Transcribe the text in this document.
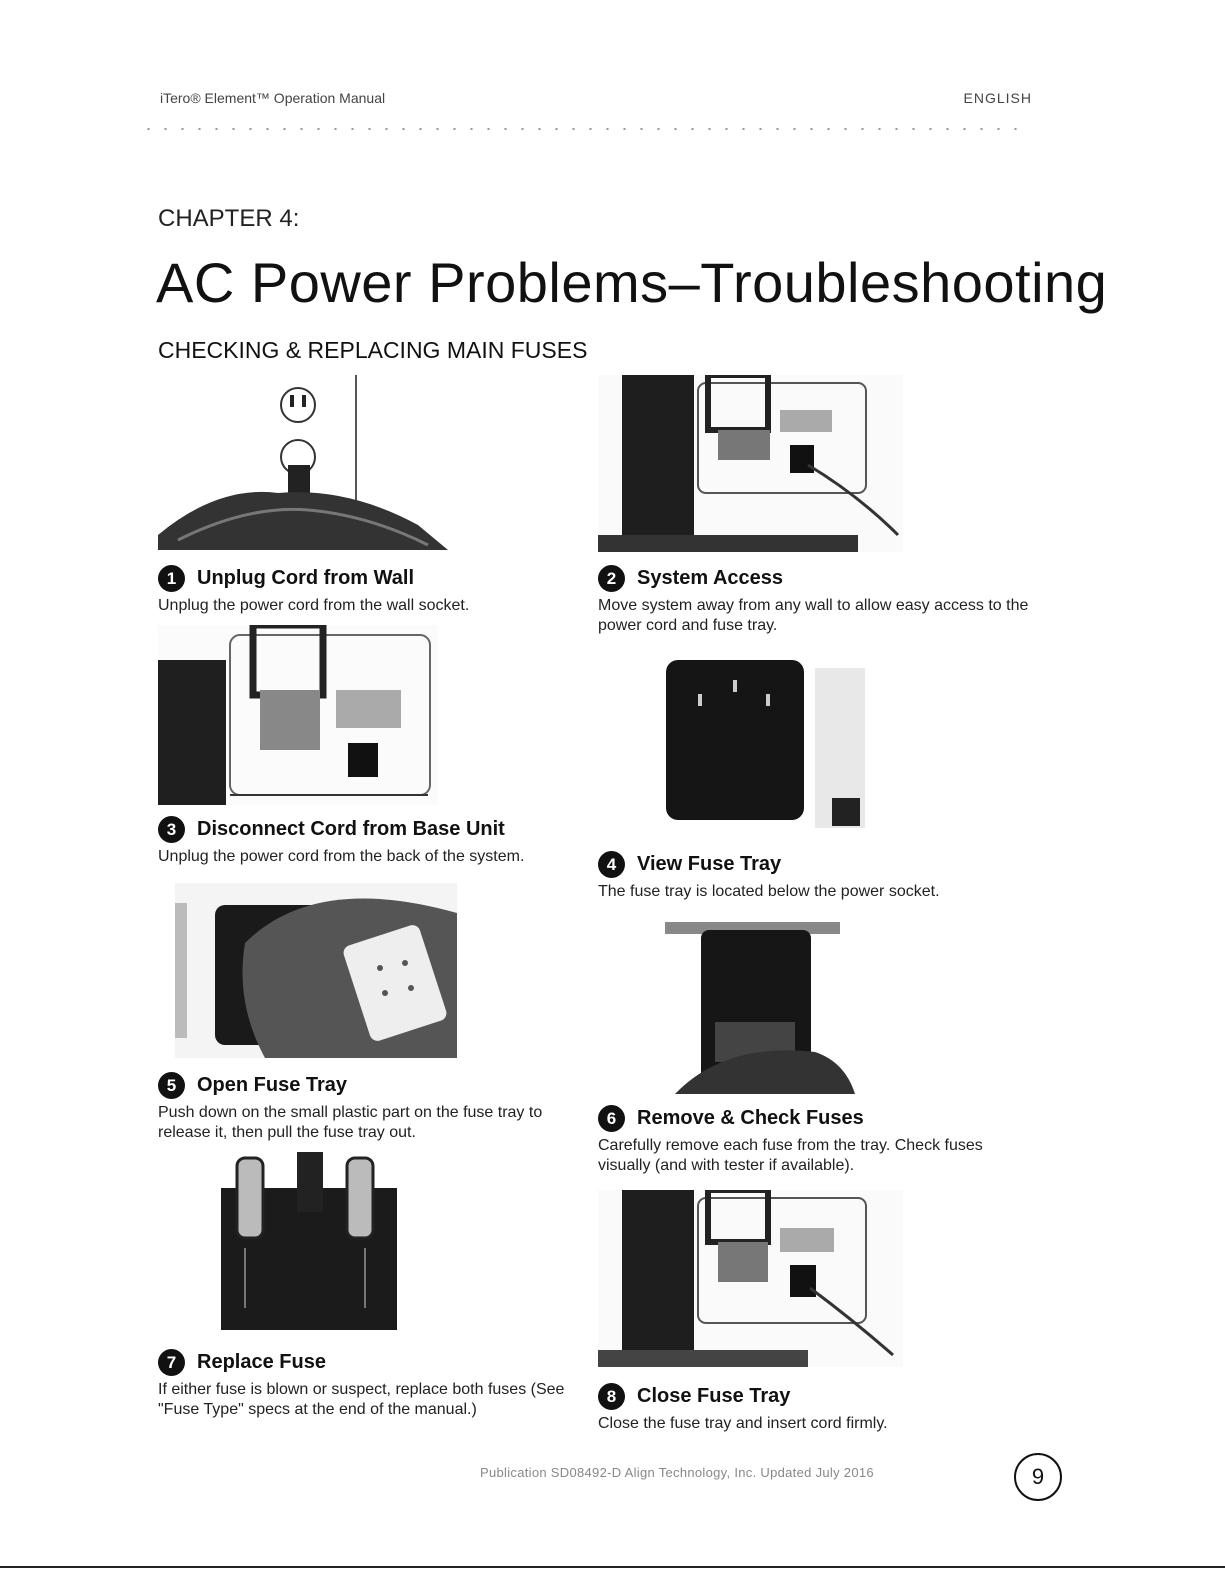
iTero® Element™ Operation Manual	ENGLISH
CHAPTER 4:
AC Power Problems–Troubleshooting
CHECKING & REPLACING MAIN FUSES
1	Unplug Cord from Wall
Unplug the power cord from the wall socket.
2	System Access
Move system away from any wall to allow easy access to the power cord and fuse tray.
3	Disconnect Cord from Base Unit
Unplug the power cord from the back of the system.	4	View Fuse Tray
The fuse tray is located below the power socket.
5	Open Fuse Tray
Push down on the small plastic part on the fuse tray to release it, then pull the fuse tray out.
6	Remove & Check Fuses
Carefully remove each fuse from the tray. Check fuses visually (and with tester if available).
7	Replace Fuse
If either fuse is blown or suspect, replace both fuses (See "Fuse Type" specs at the end of the manual.)
8	Close Fuse Tray
Close the fuse tray and insert cord firmly.
Publication SD08492-D Align Technology, Inc. Updated July 2016	9
